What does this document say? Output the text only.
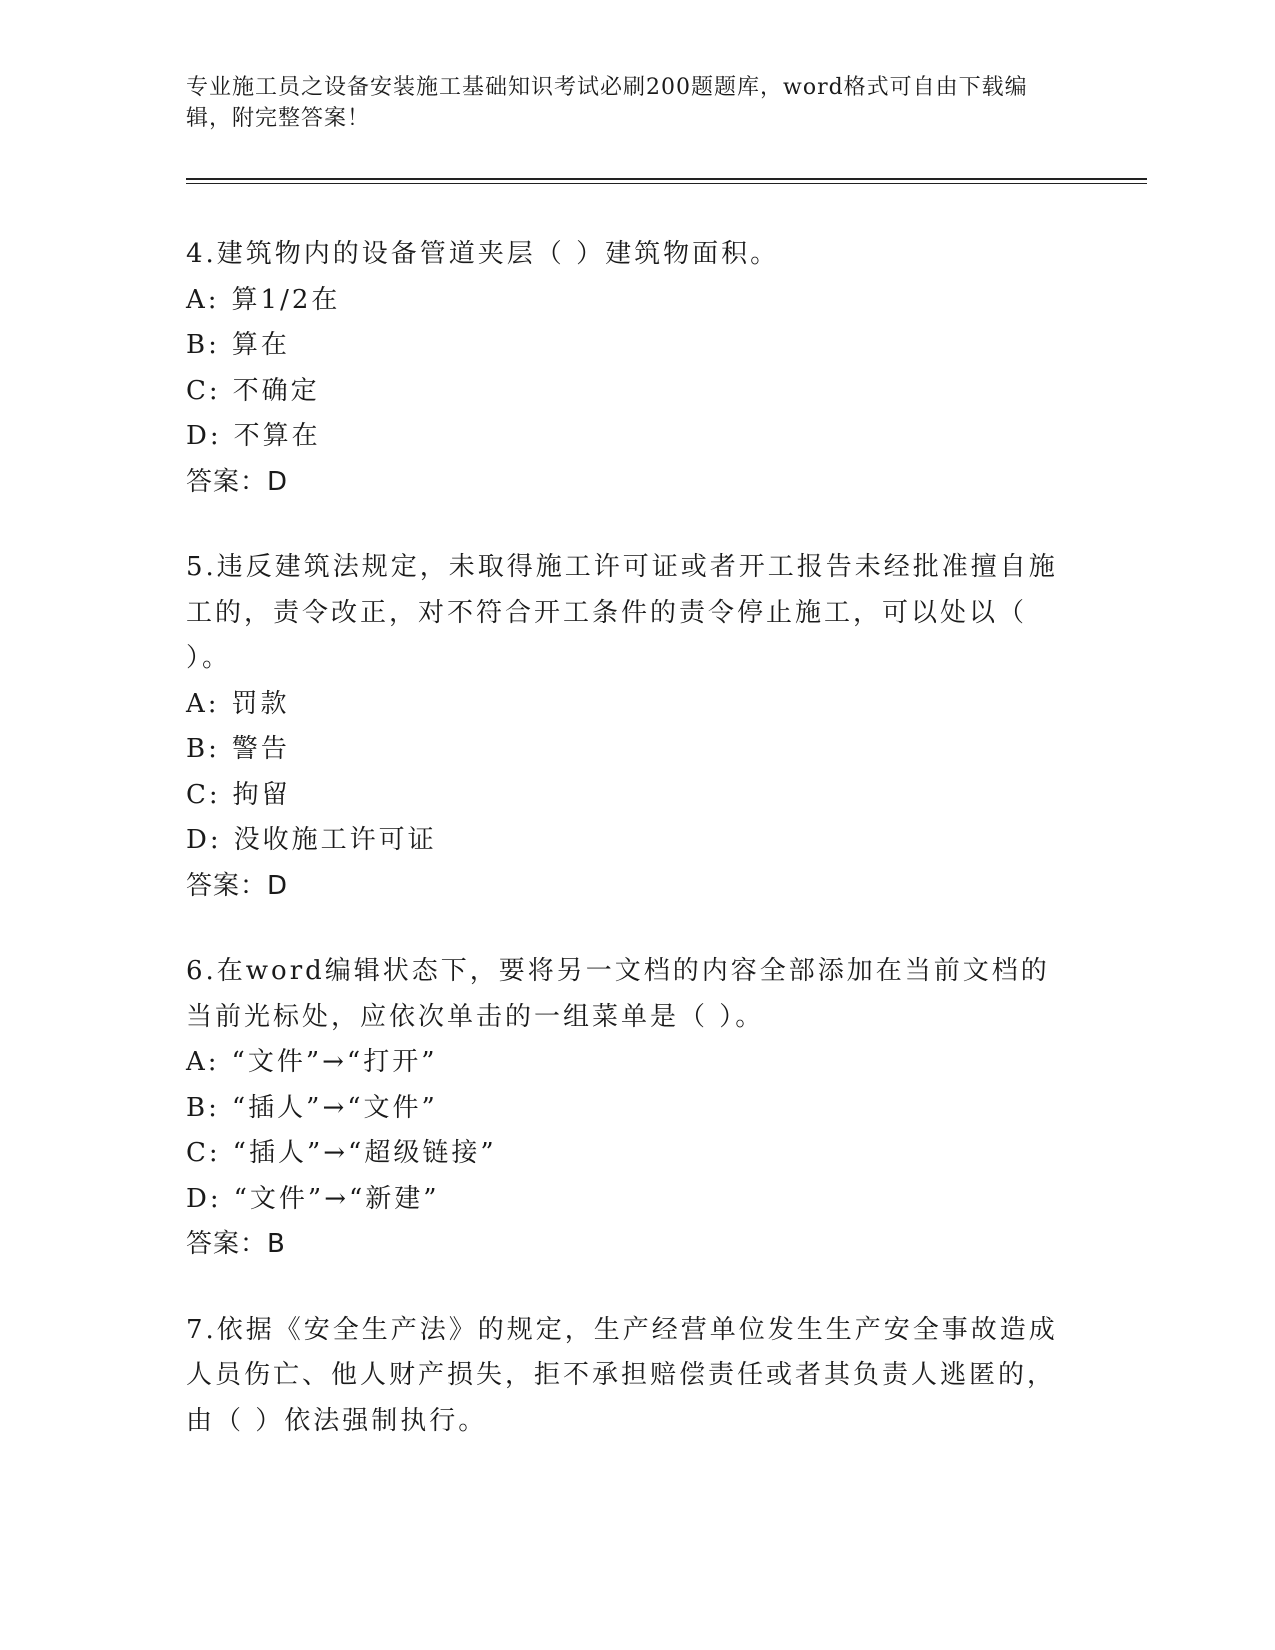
专业施工员之设备安装施工基础知识考试必刷200题题库，word格式可自由下载编辑，附完整答案！

4.建筑物内的设备管道夹层（ ）建筑物面积。

A: 算1/2在

B: 算在

C: 不确定

D: 不算在

答案：D

5.违反建筑法规定，未取得施工许可证或者开工报告未经批准擅自施工的，责令改正，对不符合开工条件的责令停止施工，可以处以（ ）。

A: 罚款

B: 警告

C: 拘留

D: 没收施工许可证

答案：D

6.在word编辑状态下，要将另一文档的内容全部添加在当前文档的当前光标处，应依次单击的一组菜单是（ ）。

A: “文件”→“打开”

B: “插人”→“文件”

C: “插人”→“超级链接”

D: “文件”→“新建”

答案：B

7.依据《安全生产法》的规定，生产经营单位发生生产安全事故造成人员伤亡、他人财产损失，拒不承担赔偿责任或者其负责人逃匿的，由（ ）依法强制执行。
